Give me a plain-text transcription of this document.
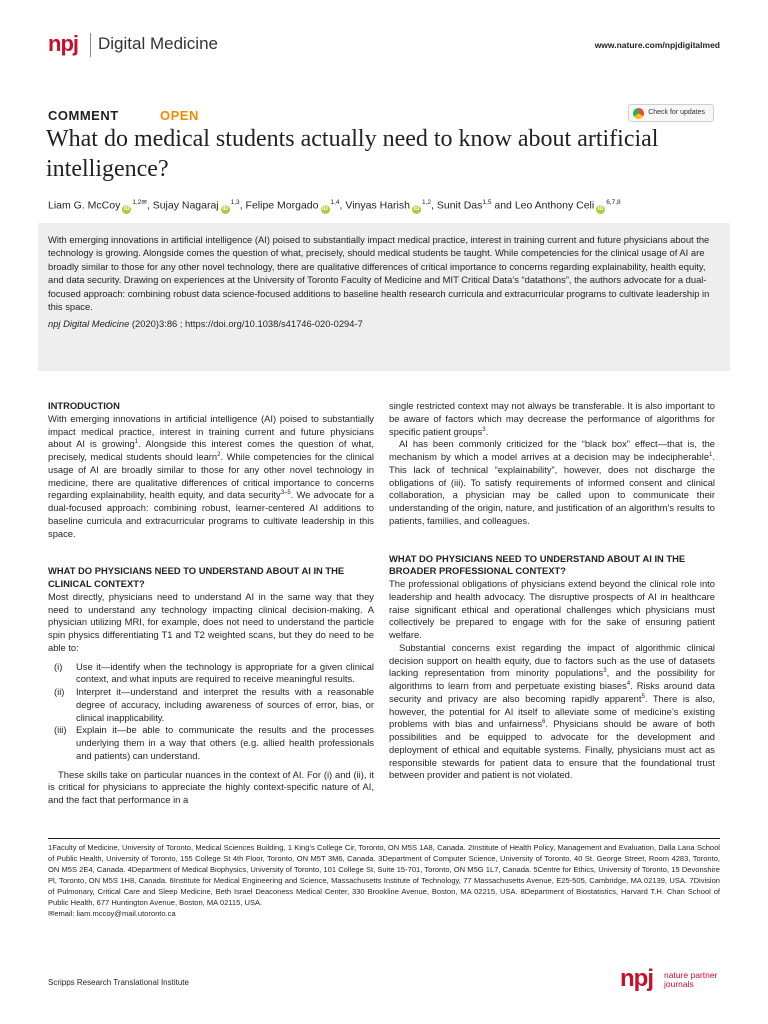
npj Digital Medicine	www.nature.com/npjdigitalmed
COMMENT	OPEN	Check for updates
What do medical students actually need to know about artificial intelligence?
Liam G. McCoy $iD^{1,2✉}$, Sujay Nagaraj iD$^{1,3}$, Felipe Morgado iD$^{1,4}$, Vinyas Harish iD$^{1,2}$, Sunit Das$^{1,5}$ and Leo Anthony Celi iD$^{6,7,8}$

With emerging innovations in artificial intelligence (AI) poised to substantially impact medical practice, interest in training current and future physicians about the technology is growing. Alongside comes the question of what, precisely, should medical students be taught. While competencies for the clinical usage of AI are broadly similar to those for any other novel technology, there are qualitative differences of critical importance to concerns regarding explainability, health equity, and data security. Drawing on experiences at the University of Toronto Faculty of Medicine and MIT Critical Data’s “datathons”, the authors advocate for a dual-focused approach: combining robust data science-focused additions to baseline health research curricula and extracurricular programs to cultivate leadership in this space.

npj Digital Medicine (2020)3:86 ; https://doi.org/10.1038/s41746-020-0294-7

INTRODUCTION

With emerging innovations in artificial intelligence (AI) poised to substantially impact medical practice, interest in training current and future physicians about AI is growing$^1$. Alongside this interest comes the question of what, precisely, medical students should learn$^2$. While competencies for the clinical usage of AI are broadly similar to those for any other novel technology in medicine, there are qualitative differences of critical importance to concerns regarding explainability, health equity, and data security$^{3-5}$. We advocate for a dual-focused approach: combining robust, learner-centered AI additions to baseline curricula and extracurricular programs to cultivate leadership in this space.

WHAT DO PHYSICIANS NEED TO UNDERSTAND ABOUT AI IN THE CLINICAL CONTEXT?

Most directly, physicians need to understand AI in the same way that they need to understand any technology impacting clinical decision-making. A physician utilizing MRI, for example, does not need to understand the particle spin physics differentiating T1 and T2 weighted scans, but they do need to be able to:

(i)	Use it—identify when the technology is appropriate for a given clinical context, and what inputs are required to receive meaningful results.
(ii)	Interpret it—understand and interpret the results with a reasonable degree of accuracy, including awareness of sources of error, bias, or clinical inapplicability.
(iii)	Explain it—be able to communicate the results and the processes underlying them in a way that others (e.g. allied health professionals and patients) can understand.

These skills take on particular nuances in the context of AI. For (i) and (ii), it is critical for physicians to appreciate the highly context-specific nature of AI, and the fact that performance in a

single restricted context may not always be transferable. It is also important to be aware of factors which may decrease the performance of algorithms for specific patient groups$^3$.

AI has been commonly criticized for the “black box” effect—that is, the mechanism by which a model arrives at a decision may be indecipherable$^1$. This lack of technical “explainability”, however, does not discharge the obligations of (iii). To satisfy requirements of informed consent and clinical collaboration, a physician may be called upon to communicate their understanding of the origin, nature, and justification of an algorithm’s results to patients, families, and colleagues.

WHAT DO PHYSICIANS NEED TO UNDERSTAND ABOUT AI IN THE BROADER PROFESSIONAL CONTEXT?

The professional obligations of physicians extend beyond the clinical role into leadership and health advocacy. The disruptive prospects of AI in healthcare raise significant ethical and operational challenges which physicians must collectively be prepared to engage with for the sake of ensuring patient welfare.

Substantial concerns exist regarding the impact of algorithmic clinical decision support on health equity, due to factors such as the use of datasets lacking representation from minority populations$^3$, and the possibility for algorithms to learn from and perpetuate existing biases$^4$. Risks around data security and privacy are also becoming rapidly apparent$^5$. There is also, however, the potential for AI itself to alleviate some of medicine’s existing problems with bias and unfairness$^6$. Physicians should be aware of both possibilities and be equipped to advocate for the development and deployment of ethical and equitable systems. Finally, physicians must act as responsible stewards for patient data to ensure that the foundational trust between provider and patient is not violated.

1Faculty of Medicine, University of Toronto, Medical Sciences Building, 1 King’s College Cir, Toronto, ON M5S 1A8, Canada. 2Institute of Health Policy, Management and Evaluation, Dalla Lana School of Public Health, University of Toronto, 155 College St 4th Floor, Toronto, ON M5T 3M6, Canada. 3Department of Computer Science, University of Toronto, 40 St. George Street, Room 4283, Toronto, ON M5S 2E4, Canada. 4Department of Medical Biophysics, University of Toronto, 101 College St, Suite 15-701, Toronto, ON M5G 1L7, Canada. 5Centre for Ethics, University of Toronto, 15 Devonshire Pl, Toronto, ON M5S 1H8, Canada. 6Institute for Medical Engineering and Science, Massachusetts Institute of Technology, 77 Massachusetts Avenue, E25-505, Cambridge, MA 02139, USA. 7Division of Pulmonary, Critical Care and Sleep Medicine, Beth Israel Deaconess Medical Center, 330 Brookline Avenue, Boston, MA 02215, USA. 8Department of Biostatistics, Harvard T.H. Chan School of Public Health, 677 Huntington Avenue, Boston, MA 02115, USA.

✉email: liam.mccoy@mail.utoronto.ca

Scripps Research Translational Institute	npj nature partner
journals
